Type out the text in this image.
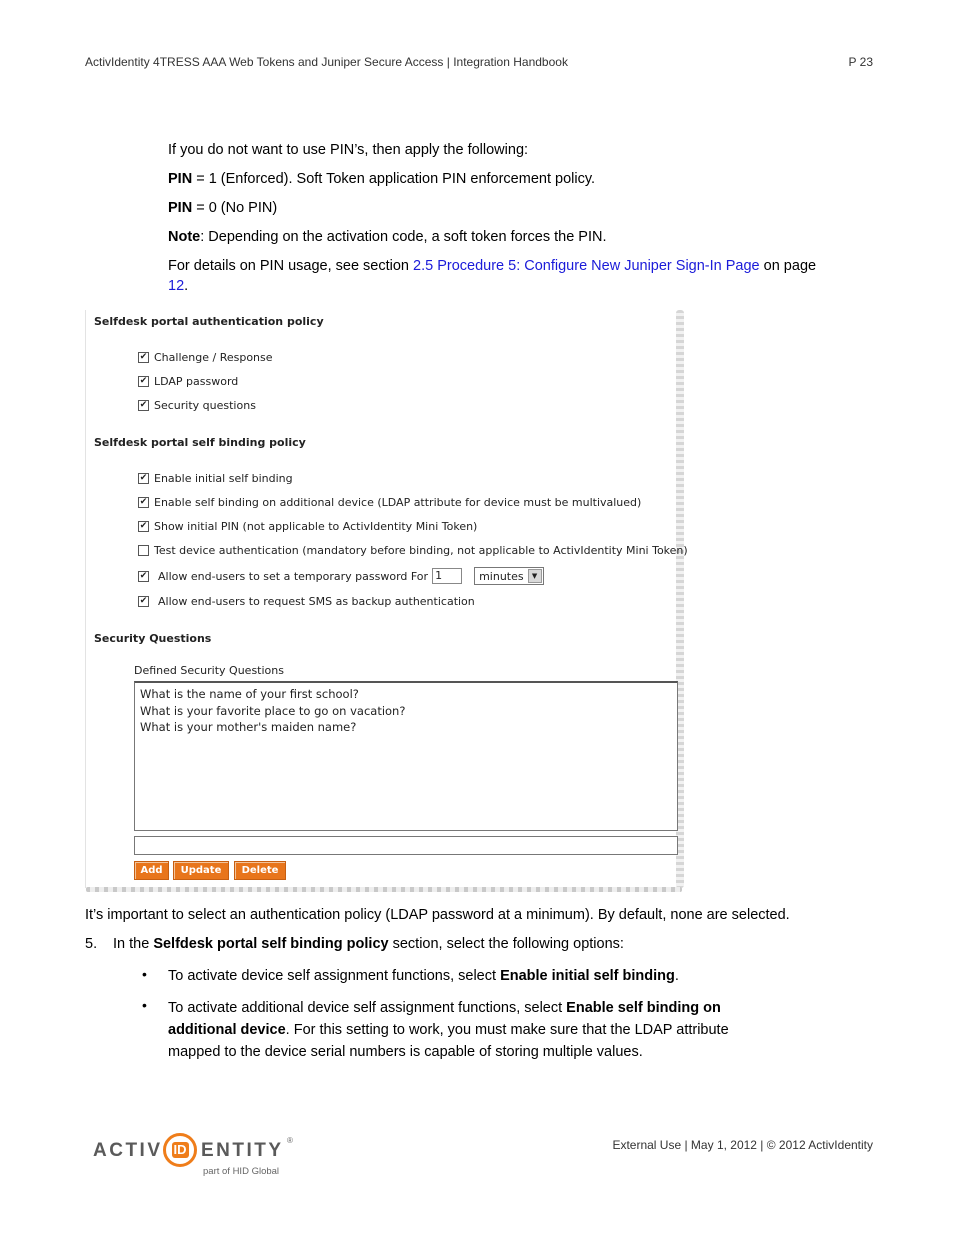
ActivIdentity 4TRESS AAA Web Tokens and Juniper Secure Access | Integration Handbook	P 23

If you do not want to use PIN’s, then apply the following:

PIN = 1 (Enforced). Soft Token application PIN enforcement policy.

PIN = 0 (No PIN)

Note: Depending on the activation code, a soft token forces the PIN.

For details on PIN usage, see section 2.5 Procedure 5: Configure New Juniper Sign-In Page on page
12.

Selfdesk portal authentication policy
✔ Challenge / Response
✔ LDAP password
✔ Security questions
Selfdesk portal self binding policy
✔ Enable initial self binding
✔ Enable self binding on additional device (LDAP attribute for device must be multivalued)
✔ Show initial PIN (not applicable to ActivIdentity Mini Token)
Test device authentication (mandatory before binding, not applicable to ActivIdentity Mini Token)
✔ Allow end-users to set a temporary password For 1	minutes	▼
✔ Allow end-users to request SMS as backup authentication
Security Questions
Defined Security Questions
What is the name of your first school?
What is your favorite place to go on vacation?
What is your mother's maiden name?
Add	Update	Delete
It’s important to select an authentication policy (LDAP password at a minimum). By default, none are selected.
5. In the Selfdesk portal self binding policy section, select the following options:
• To activate device self assignment functions, select Enable initial self binding.
• To activate additional device self assignment functions, select Enable self binding on additional device. For this setting to work, you must make sure that the LDAP attribute mapped to the device serial numbers is capable of storing multiple values.
ACTIV ID ENTITY ®
part of HID Global
External Use | May 1, 2012 | © 2012 ActivIdentity
